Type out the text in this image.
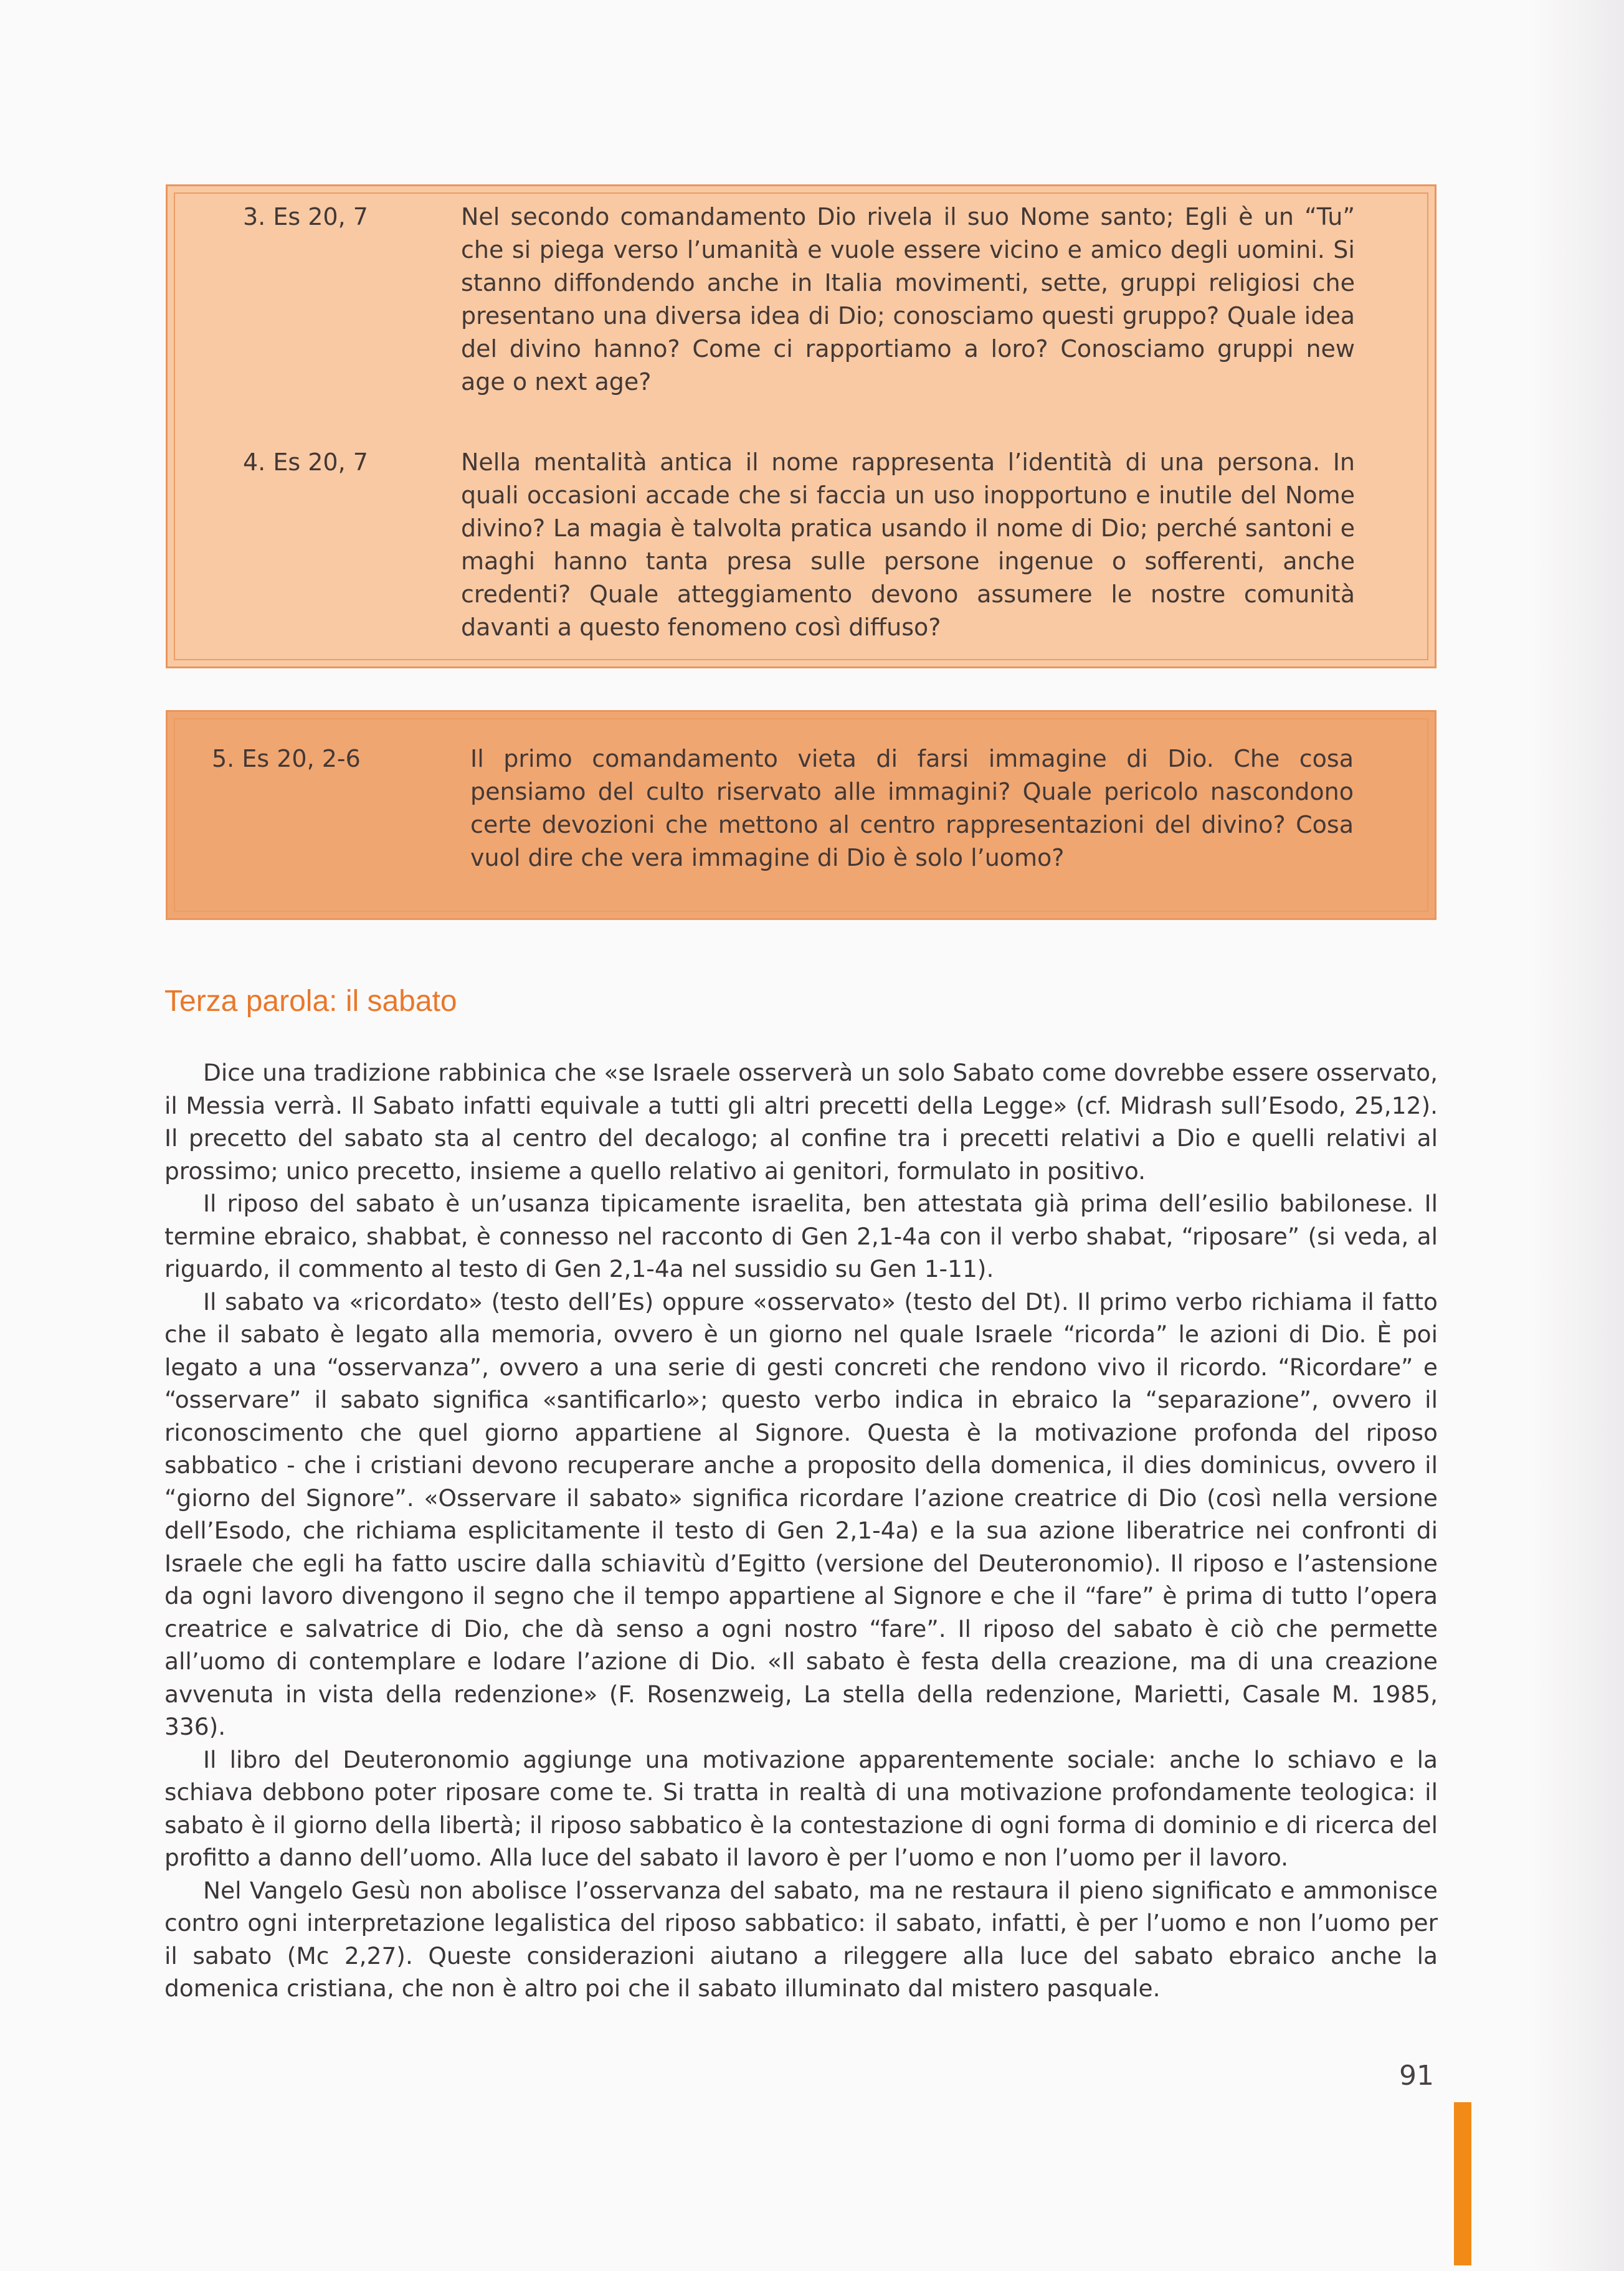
3. Es 20, 7	Nel secondo comandamento Dio rivela il suo Nome santo; Egli è un “Tu” che si piega verso l’umanità e vuole essere vicino e amico degli uomini. Si stanno diffondendo anche in Italia movimenti, sette, gruppi religiosi che presentano una diversa idea di Dio; conosciamo questi gruppo? Quale idea del divino hanno? Come ci rapportiamo a loro? Conosciamo gruppi new age o next age?
4. Es 20, 7	Nella mentalità antica il nome rappresenta l’identità di una persona. In quali occasioni accade che si faccia un uso inopportuno e inutile del Nome divino? La magia è talvolta pratica usando il nome di Dio; perché santoni e maghi hanno tanta presa sulle persone ingenue o sofferenti, anche credenti? Quale atteggiamento devono assumere le nostre comunità davanti a questo fenomeno così diffuso?
5. Es 20, 2-6	Il primo comandamento vieta di farsi immagine di Dio. Che cosa pensiamo del culto riservato alle immagini? Quale pericolo nascondono certe devozioni che mettono al centro rappresentazioni del divino? Cosa vuol dire che vera immagine di Dio è solo l’uomo?
Terza parola: il sabato

Dice una tradizione rabbinica che «se Israele osserverà un solo Sabato come dovrebbe essere osservato, il Messia verrà. Il Sabato infatti equivale a tutti gli altri precetti della Legge» (cf. Midrash sull’Esodo, 25,12). Il precetto del sabato sta al centro del decalogo; al confine tra i precetti relativi a Dio e quelli relativi al prossimo; unico precetto, insieme a quello relativo ai genitori, formulato in positivo.

Il riposo del sabato è un’usanza tipicamente israelita, ben attestata già prima dell’esilio babilonese. Il termine ebraico, shabbat, è connesso nel racconto di Gen 2,1-4a con il verbo shabat, “riposare” (si veda, al riguardo, il commento al testo di Gen 2,1-4a nel sussidio su Gen 1-11).

Il sabato va «ricordato» (testo dell’Es) oppure «osservato» (testo del Dt). Il primo verbo richiama il fatto che il sabato è legato alla memoria, ovvero è un giorno nel quale Israele “ricorda” le azioni di Dio. È poi legato a una “osservanza”, ovvero a una serie di gesti concreti che rendono vivo il ricordo. “Ricordare” e “osservare” il sabato significa «santificarlo»; questo verbo indica in ebraico la “separazione”, ovvero il riconoscimento che quel giorno appartiene al Signore. Questa è la motivazione profonda del riposo sabbatico - che i cristiani devono recuperare anche a proposito della domenica, il dies dominicus, ovvero il “giorno del Signore”. «Osservare il sabato» significa ricordare l’azione creatrice di Dio (così nella versione dell’Esodo, che richiama esplicitamente il testo di Gen 2,1-4a) e la sua azione liberatrice nei confronti di Israele che egli ha fatto uscire dalla schiavitù d’Egitto (versione del Deuteronomio). Il riposo e l’astensione da ogni lavoro divengono il segno che il tempo appartiene al Signore e che il “fare” è prima di tutto l’opera creatrice e salvatrice di Dio, che dà senso a ogni nostro “fare”. Il riposo del sabato è ciò che permette all’uomo di contemplare e lodare l’azione di Dio. «Il sabato è festa della creazione, ma di una creazione avvenuta in vista della redenzione» (F. Rosenzweig, La stella della redenzione, Marietti, Casale M. 1985, 336).

Il libro del Deuteronomio aggiunge una motivazione apparentemente sociale: anche lo schiavo e la schiava debbono poter riposare come te. Si tratta in realtà di una motivazione profondamente teologica: il sabato è il giorno della libertà; il riposo sabbatico è la contestazione di ogni forma di dominio e di ricerca del profitto a danno dell’uomo. Alla luce del sabato il lavoro è per l’uomo e non l’uomo per il lavoro.

Nel Vangelo Gesù non abolisce l’osservanza del sabato, ma ne restaura il pieno significato e ammonisce contro ogni interpretazione legalistica del riposo sabbatico: il sabato, infatti, è per l’uomo e non l’uomo per il sabato (Mc 2,27). Queste considerazioni aiutano a rileggere alla luce del sabato ebraico anche la domenica cristiana, che non è altro poi che il sabato illuminato dal mistero pasquale.

91
